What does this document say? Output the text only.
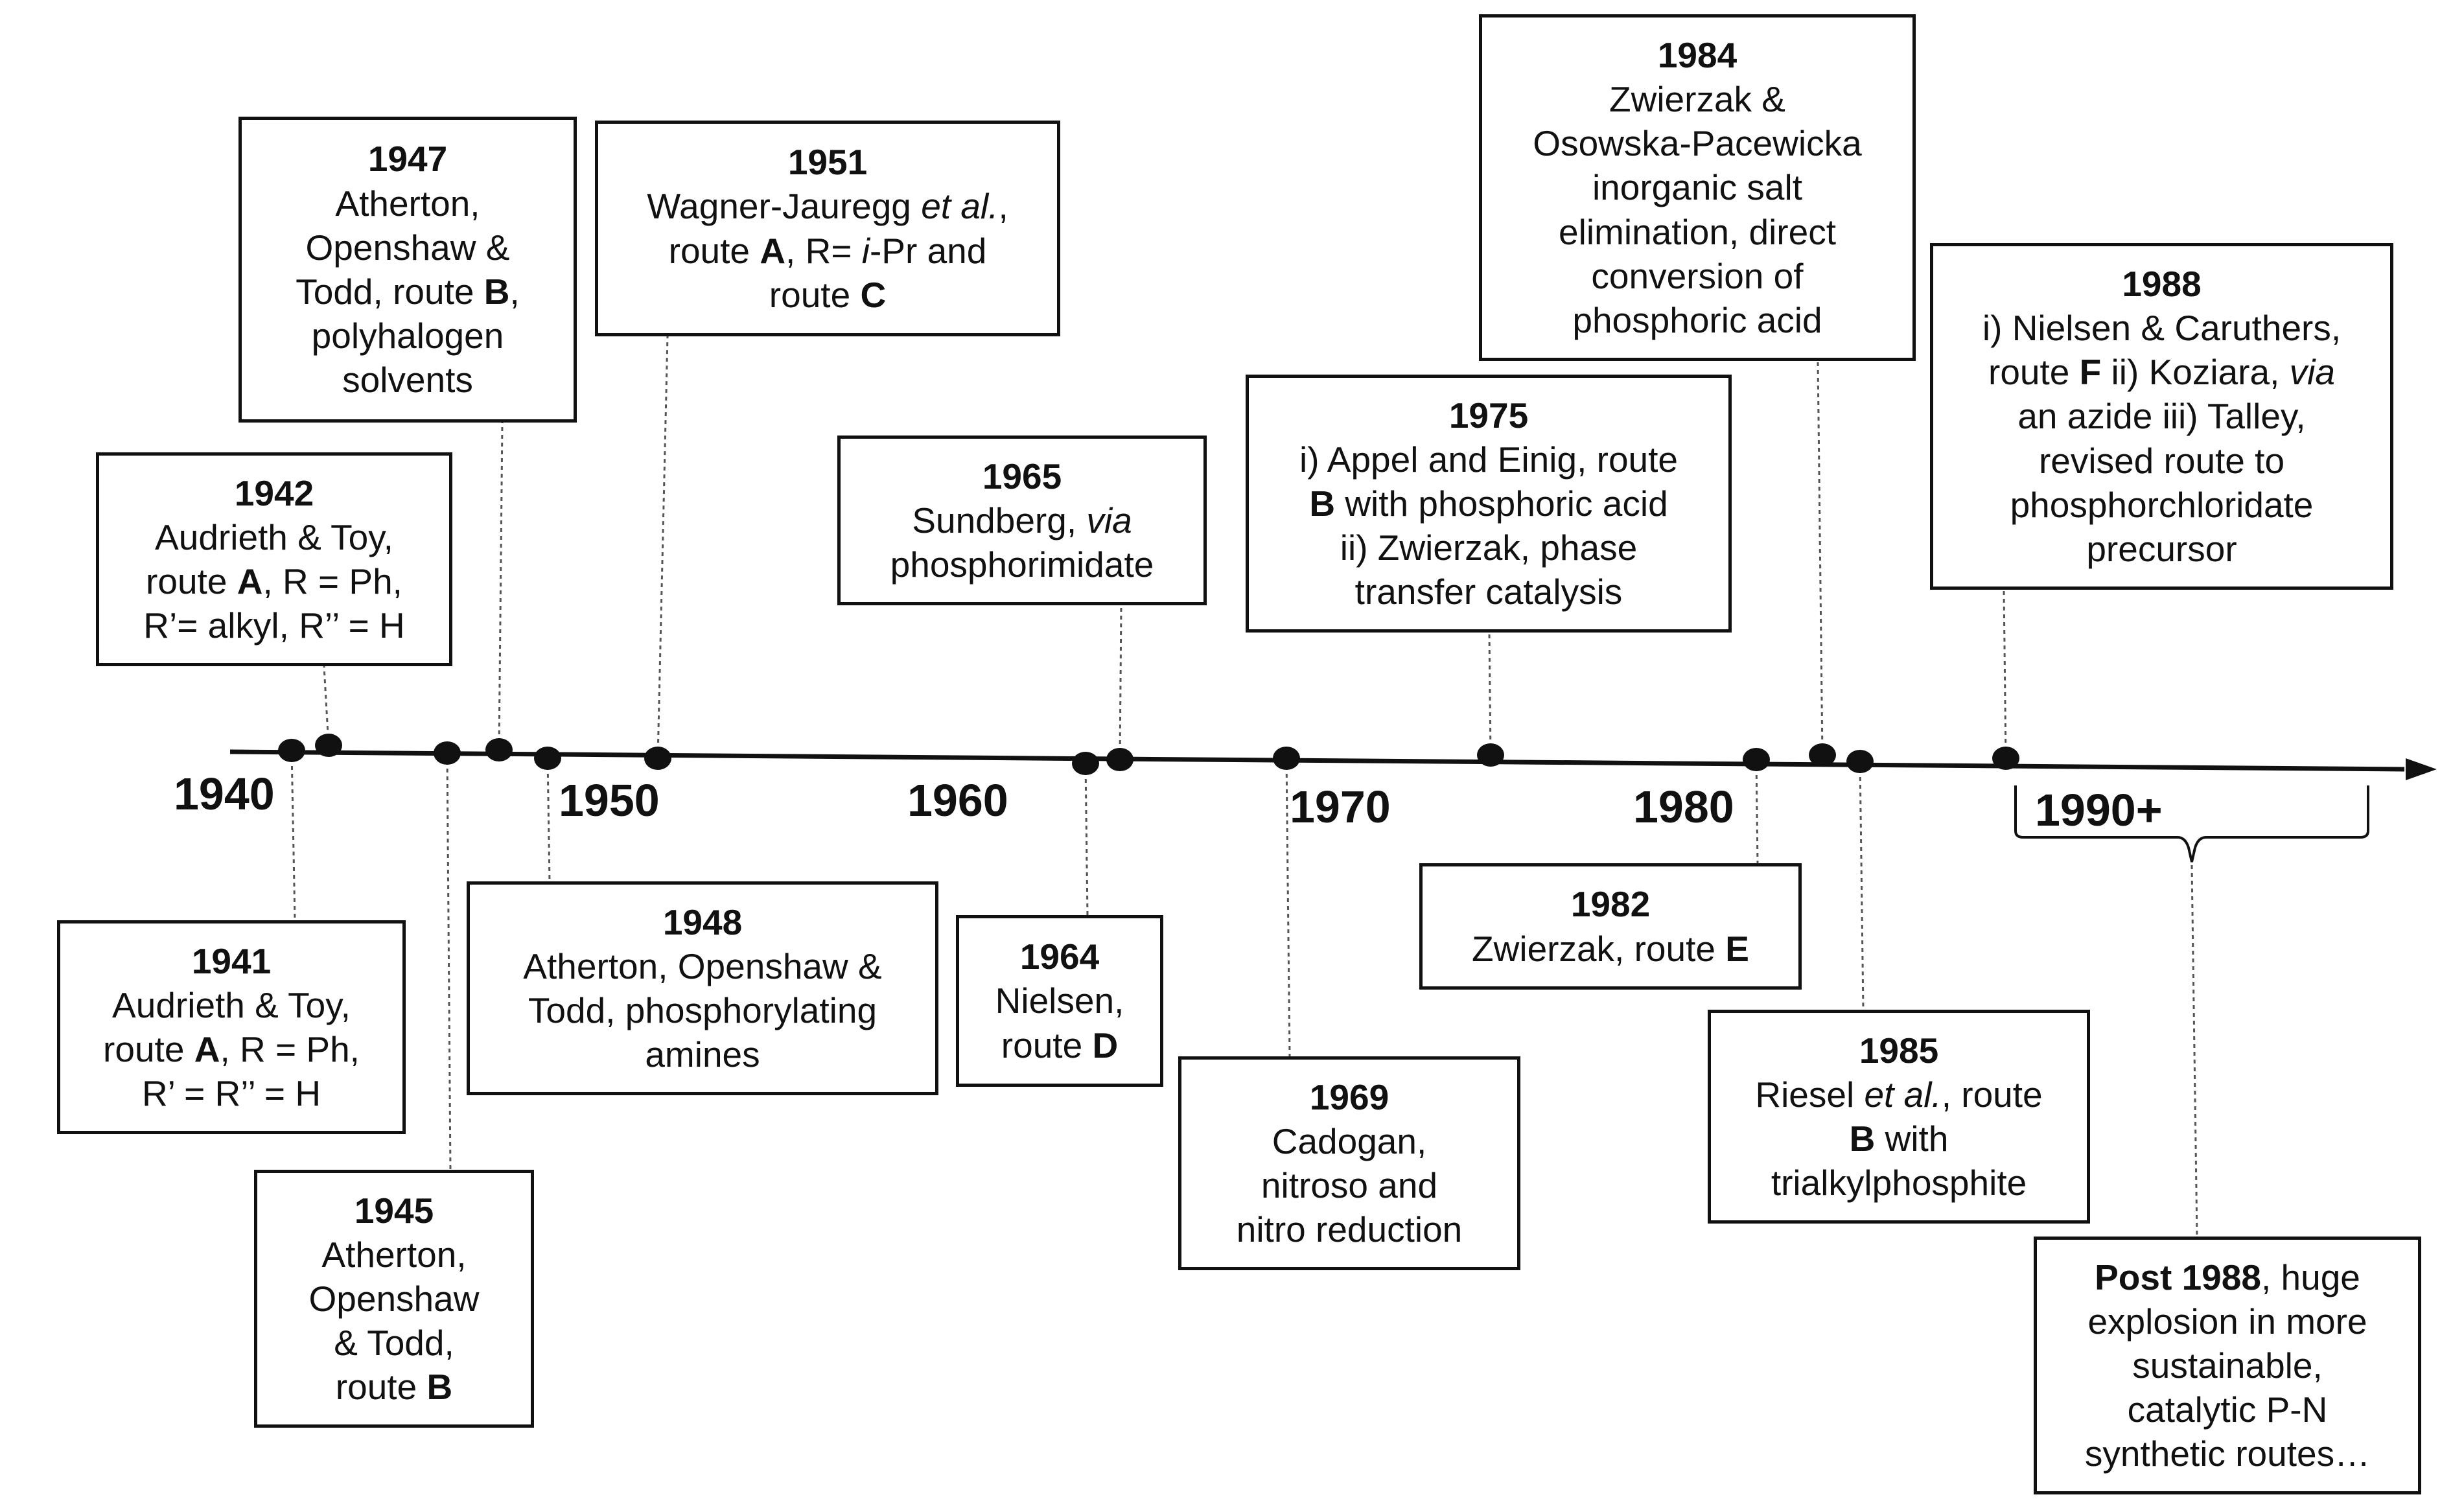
1940	1950	1960	1970	1980	1990+
1941
Audrieth & Toy,
route A, R = Ph,
R’ = R’’ = H
1942
Audrieth & Toy,
route A, R = Ph,
R’= alkyl, R’’ = H
1945
Atherton,
Openshaw
& Todd,
route B
1947
Atherton,
Openshaw &
Todd, route B,
polyhalogen
solvents
1948
Atherton, Openshaw &
Todd, phosphorylating
amines
1951
Wagner-Jauregg et al.,
route A, R= i-Pr and
route C
1964
Nielsen,
route D
1965
Sundberg, via
phosphorimidate
1969
Cadogan,
nitroso and
nitro reduction
1975
i) Appel and Einig, route
B with phosphoric acid
ii) Zwierzak, phase
transfer catalysis
1982
Zwierzak, route E
1984
Zwierzak &
Osowska-Pacewicka
inorganic salt
elimination, direct
conversion of
phosphoric acid
1985
Riesel et al., route
B with
trialkylphosphite
1988
i) Nielsen & Caruthers,
route F ii) Koziara, via
an azide iii) Talley,
revised route to
phosphorchloridate
precursor
Post 1988, huge
explosion in more
sustainable,
catalytic P-N
synthetic routes…
